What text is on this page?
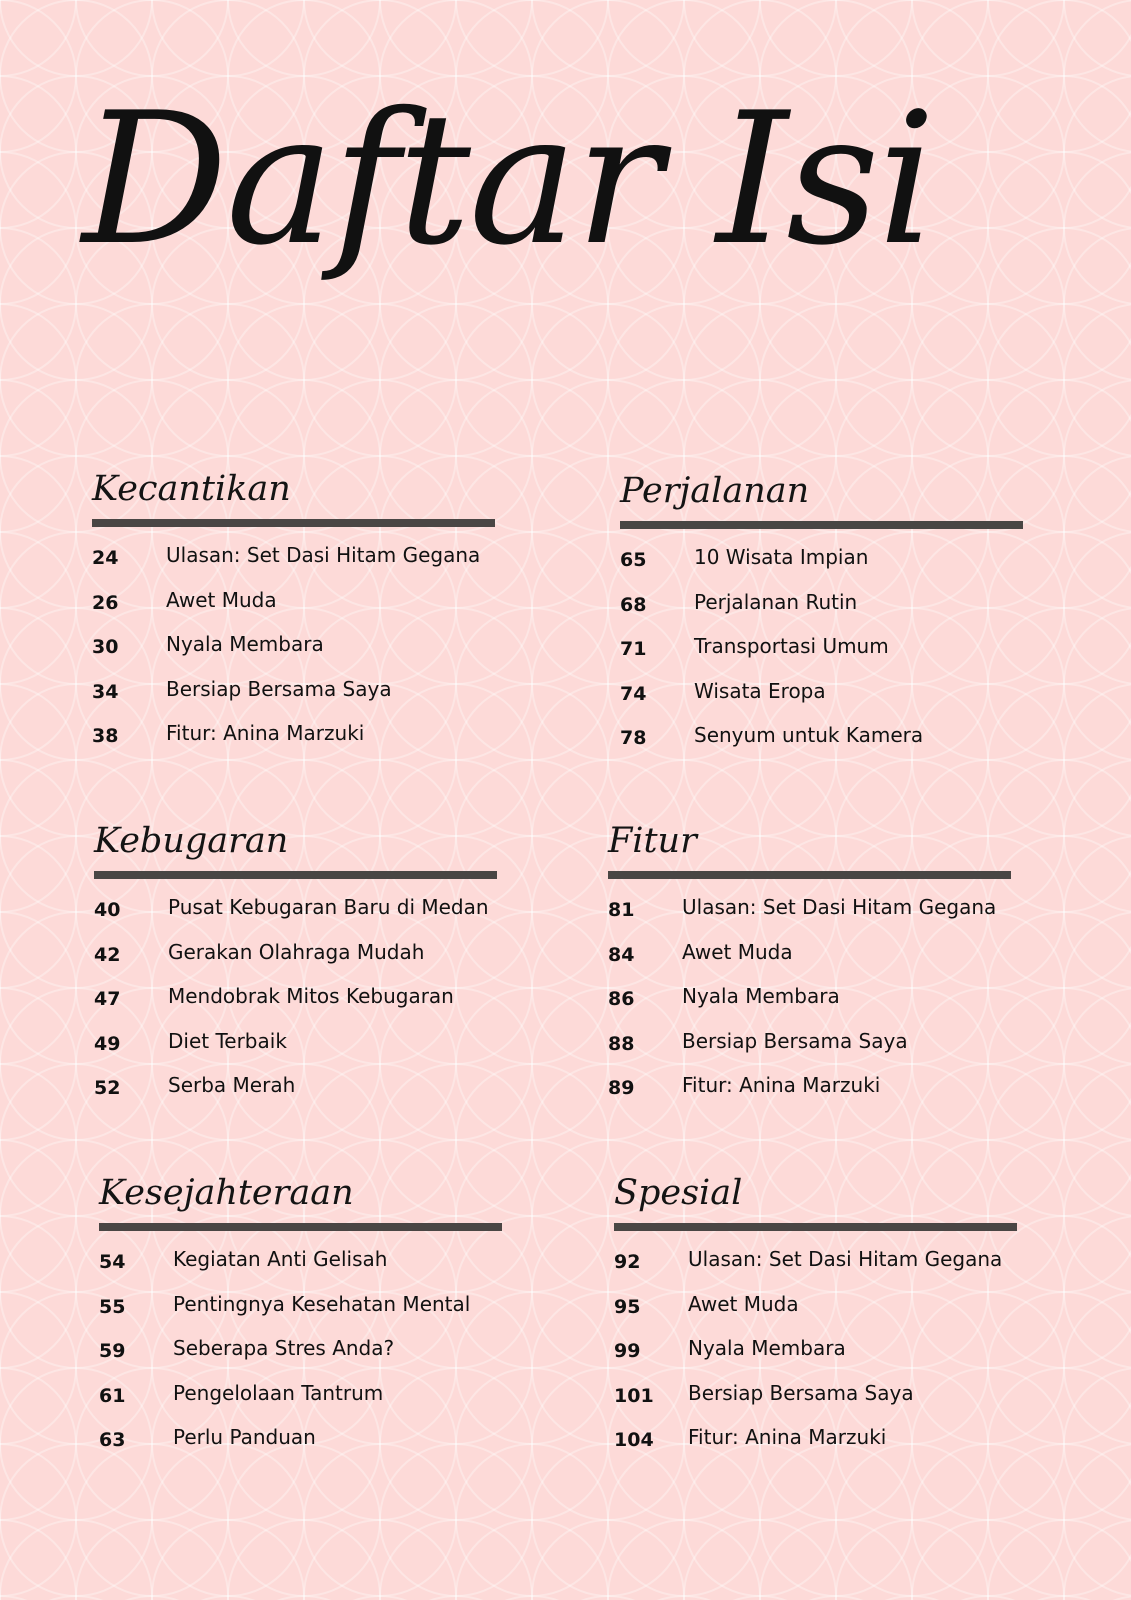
Daftar Isi
Kecantikan
24 Ulasan: Set Dasi Hitam Gegana
26 Awet Muda
30 Nyala Membara
34 Bersiap Bersama Saya
38 Fitur: Anina Marzuki
Perjalanan
65 10 Wisata Impian
68 Perjalanan Rutin
71 Transportasi Umum
74 Wisata Eropa
78 Senyum untuk Kamera
Kebugaran
40 Pusat Kebugaran Baru di Medan
42 Gerakan Olahraga Mudah
47 Mendobrak Mitos Kebugaran
49 Diet Terbaik
52 Serba Merah
Fitur
81 Ulasan: Set Dasi Hitam Gegana
84 Awet Muda
86 Nyala Membara
88 Bersiap Bersama Saya
89 Fitur: Anina Marzuki
Kesejahteraan
54 Kegiatan Anti Gelisah
55 Pentingnya Kesehatan Mental
59 Seberapa Stres Anda?
61 Pengelolaan Tantrum
63 Perlu Panduan
Spesial
92 Ulasan: Set Dasi Hitam Gegana
95 Awet Muda
99 Nyala Membara
101 Bersiap Bersama Saya
104 Fitur: Anina Marzuki
